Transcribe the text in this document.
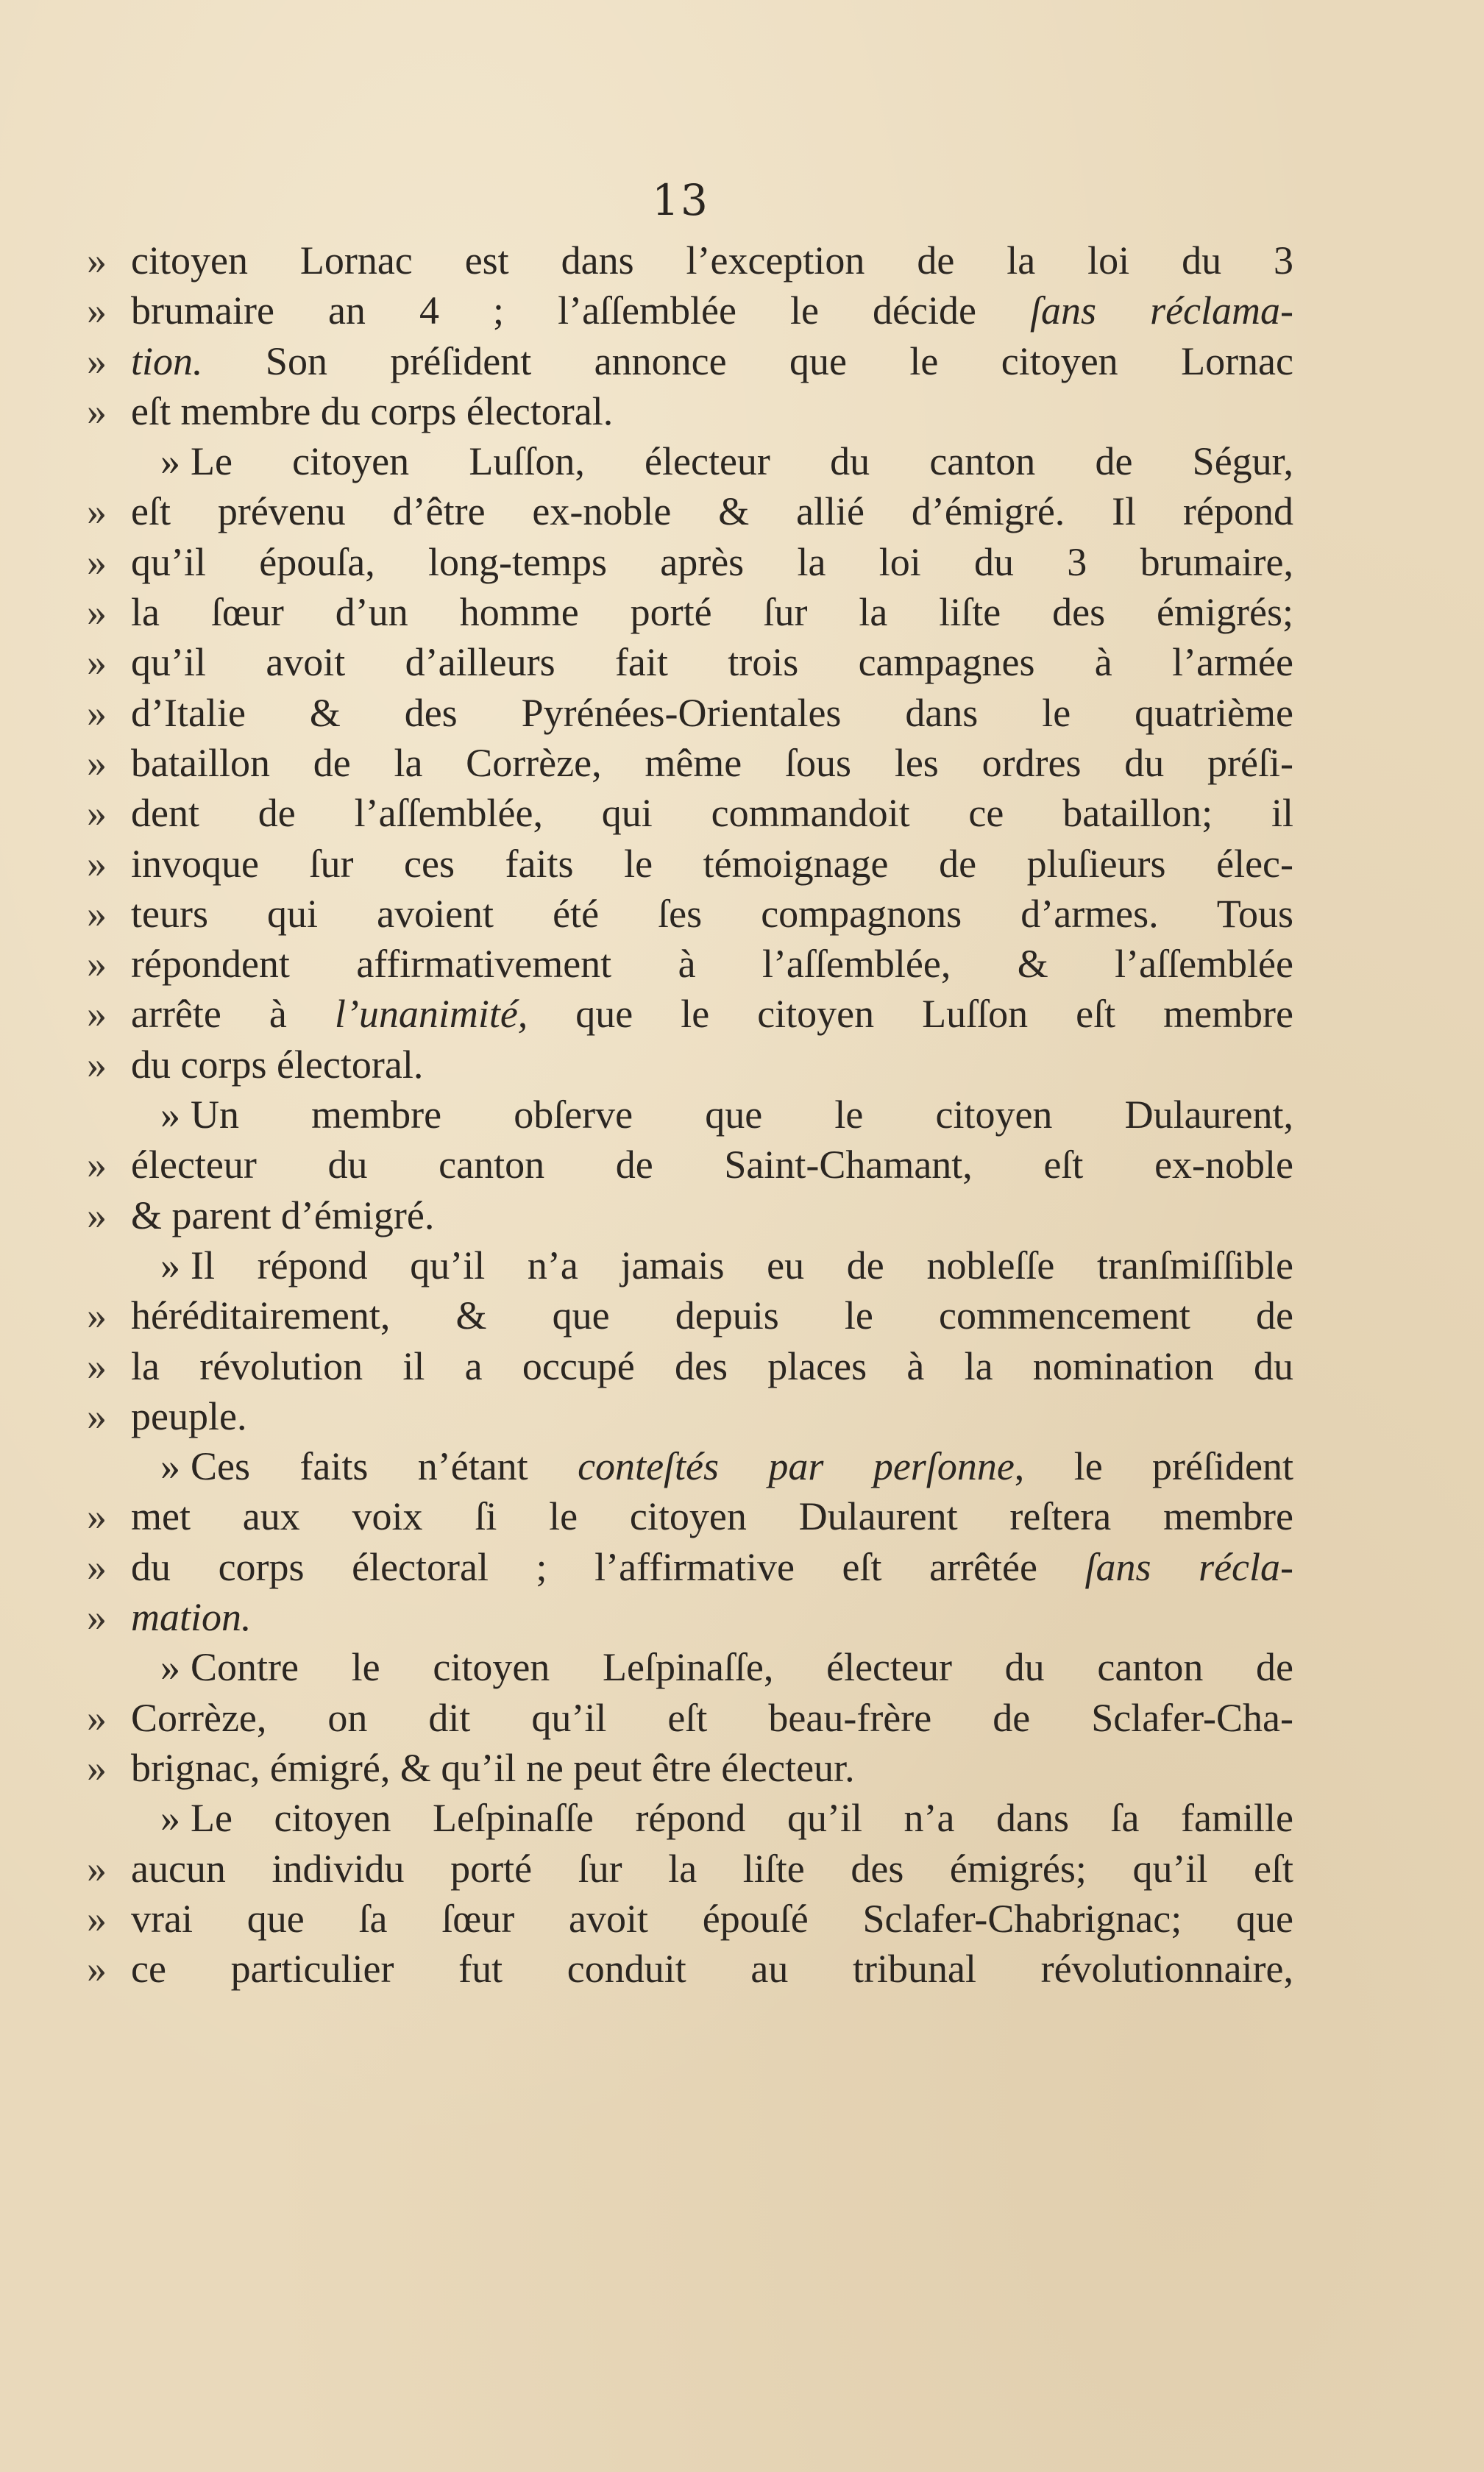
13
» citoyen Lornac est dans l’exception de la loi du 3
» brumaire an 4 ; l’aſſemblée le décide ſans réclama-
» tion. Son préſident annonce que le citoyen Lornac
» eſt membre du corps électoral.
» Le citoyen Luſſon, électeur du canton de Ségur,
» eſt prévenu d’être ex-noble & allié d’émigré. Il répond
» qu’il épouſa, long-temps après la loi du 3 brumaire,
» la ſœur d’un homme porté ſur la liſte des émigrés;
» qu’il avoit d’ailleurs fait trois campagnes à l’armée
» d’Italie & des Pyrénées-Orientales dans le quatrième
» bataillon de la Corrèze, même ſous les ordres du préſi-
» dent de l’aſſemblée, qui commandoit ce bataillon; il
» invoque ſur ces faits le témoignage de pluſieurs élec-
» teurs qui avoient été ſes compagnons d’armes. Tous
» répondent affirmativement à l’aſſemblée, & l’aſſemblée
» arrête à l’unanimité, que le citoyen Luſſon eſt membre
» du corps électoral.
» Un membre obſerve que le citoyen Dulaurent,
» électeur du canton de Saint-Chamant, eſt ex-noble
» & parent d’émigré.
» Il répond qu’il n’a jamais eu de nobleſſe tranſmiſſible
» héréditairement, & que depuis le commencement de
» la révolution il a occupé des places à la nomination du
» peuple.
» Ces faits n’étant conteſtés par perſonne, le préſident
» met aux voix ſi le citoyen Dulaurent reſtera membre
» du corps électoral ; l’affirmative eſt arrêtée ſans récla-
» mation.
» Contre le citoyen Leſpinaſſe, électeur du canton de
» Corrèze, on dit qu’il eſt beau-frère de Sclafer-Cha-
» brignac, émigré, & qu’il ne peut être électeur.
» Le citoyen Leſpinaſſe répond qu’il n’a dans ſa famille
» aucun individu porté ſur la liſte des émigrés; qu’il eſt
» vrai que ſa ſœur avoit épouſé Sclafer-Chabrignac; que
» ce particulier fut conduit au tribunal révolutionnaire,
